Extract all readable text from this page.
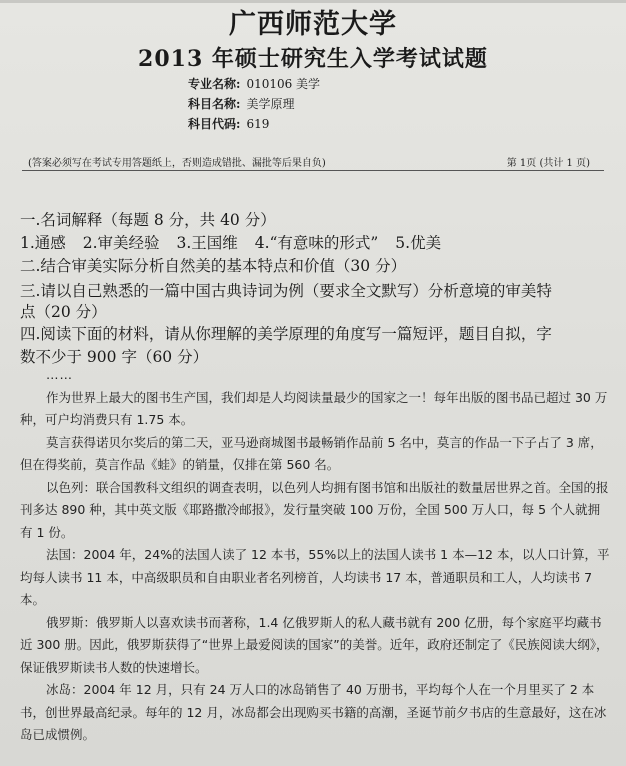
广西师范大学
2013 年硕士研究生入学考试试题
专业名称: 010106 美学
科目名称: 美学原理
科目代码: 619
(答案必须写在考试专用答题纸上，否则造成错批、漏批等后果自负)	第 1页 (共计 1 页)
一.名词解释（每题 8 分，共 40 分）
1.通感 2.审美经验 3.王国维 4.“有意味的形式” 5.优美
二.结合审美实际分析自然美的基本特点和价值（30 分）
三.请以自己熟悉的一篇中国古典诗词为例（要求全文默写）分析意境的审美特
点（20 分）
四.阅读下面的材料，请从你理解的美学原理的角度写一篇短评，题目自拟，字
数不少于 900 字（60 分）

……

作为世界上最大的图书生产国，我们却是人均阅读量最少的国家之一！每年出版的图书品已超过 30 万种，可户均消费只有 1.75 本。

莫言获得诺贝尔奖后的第二天，亚马逊商城图书最畅销作品前 5 名中，莫言的作品一下子占了 3 席，但在得奖前，莫言作品《蛙》的销量，仅排在第 560 名。

以色列：联合国教科文组织的调查表明，以色列人均拥有图书馆和出版社的数量居世界之首。全国的报刊多达 890 种，其中英文版《耶路撒冷邮报》，发行量突破 100 万份，全国 500 万人口，每 5 个人就拥有 1 份。

法国：2004 年，24%的法国人读了 12 本书，55%以上的法国人读书 1 本—12 本，以人口计算，平均每人读书 11 本，中高级职员和自由职业者名列榜首，人均读书 17 本，普通职员和工人，人均读书 7 本。

俄罗斯：俄罗斯人以喜欢读书而著称，1.4 亿俄罗斯人的私人藏书就有 200 亿册，每个家庭平均藏书近 300 册。因此，俄罗斯获得了“世界上最爱阅读的国家”的美誉。近年，政府还制定了《民族阅读大纲》，保证俄罗斯读书人数的快速增长。

冰岛：2004 年 12 月，只有 24 万人口的冰岛销售了 40 万册书，平均每个人在一个月里买了 2 本书，创世界最高纪录。每年的 12 月，冰岛都会出现购买书籍的高潮，圣诞节前夕书店的生意最好，这在冰岛已成惯例。
